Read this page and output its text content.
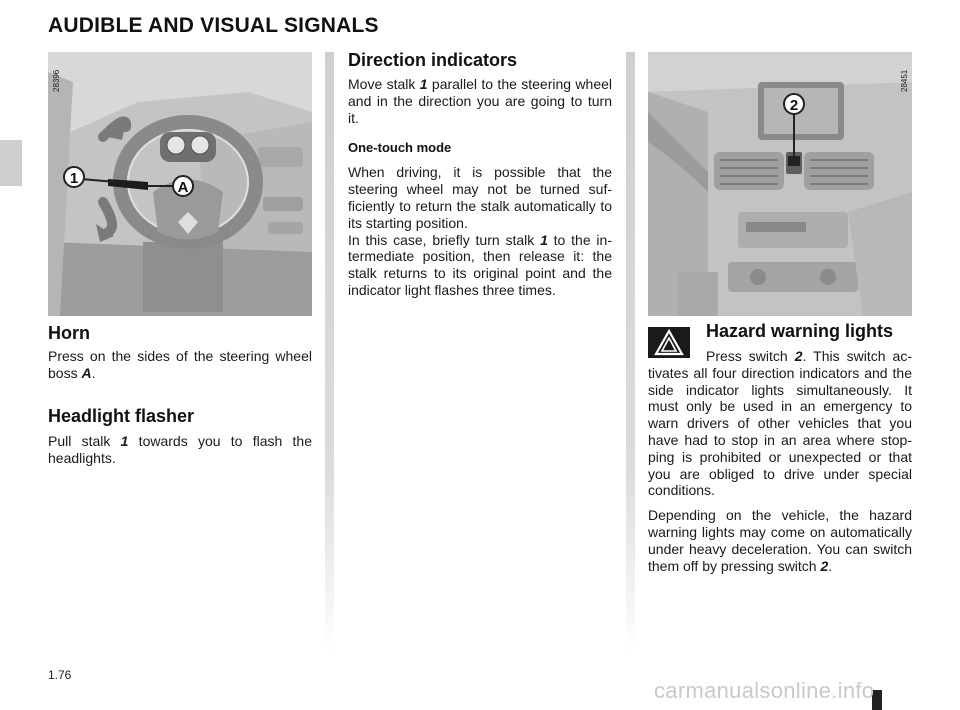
AUDIBLE AND VISUAL SIGNALS
1
A
28396
2
28451
Horn

Press on the sides of the steering wheel boss A.

Headlight flasher

Pull stalk 1 towards you to flash the headlights.

Direction indicators

Move stalk 1 parallel to the steering wheel and in the direction you are going to turn it.

One-touch mode

When driving, it is possible that the steering wheel may not be turned sufficiently to return the stalk automatically to its starting position.

In this case, briefly turn stalk 1 to the intermediate position, then release it: the stalk returns to its original point and the indicator light flashes three times.

Hazard warning lights

Press switch 2. This switch activates all four direction indicators and the side indicator lights simultaneously. It must only be used in an emergency to warn drivers of other vehicles that you have had to stop in an area where stopping is prohibited or unexpected or that you are obliged to drive under special conditions.

Depending on the vehicle, the hazard warning lights may come on automatically under heavy deceleration. You can switch them off by pressing switch 2.

1.76
carmanualsonline.info
